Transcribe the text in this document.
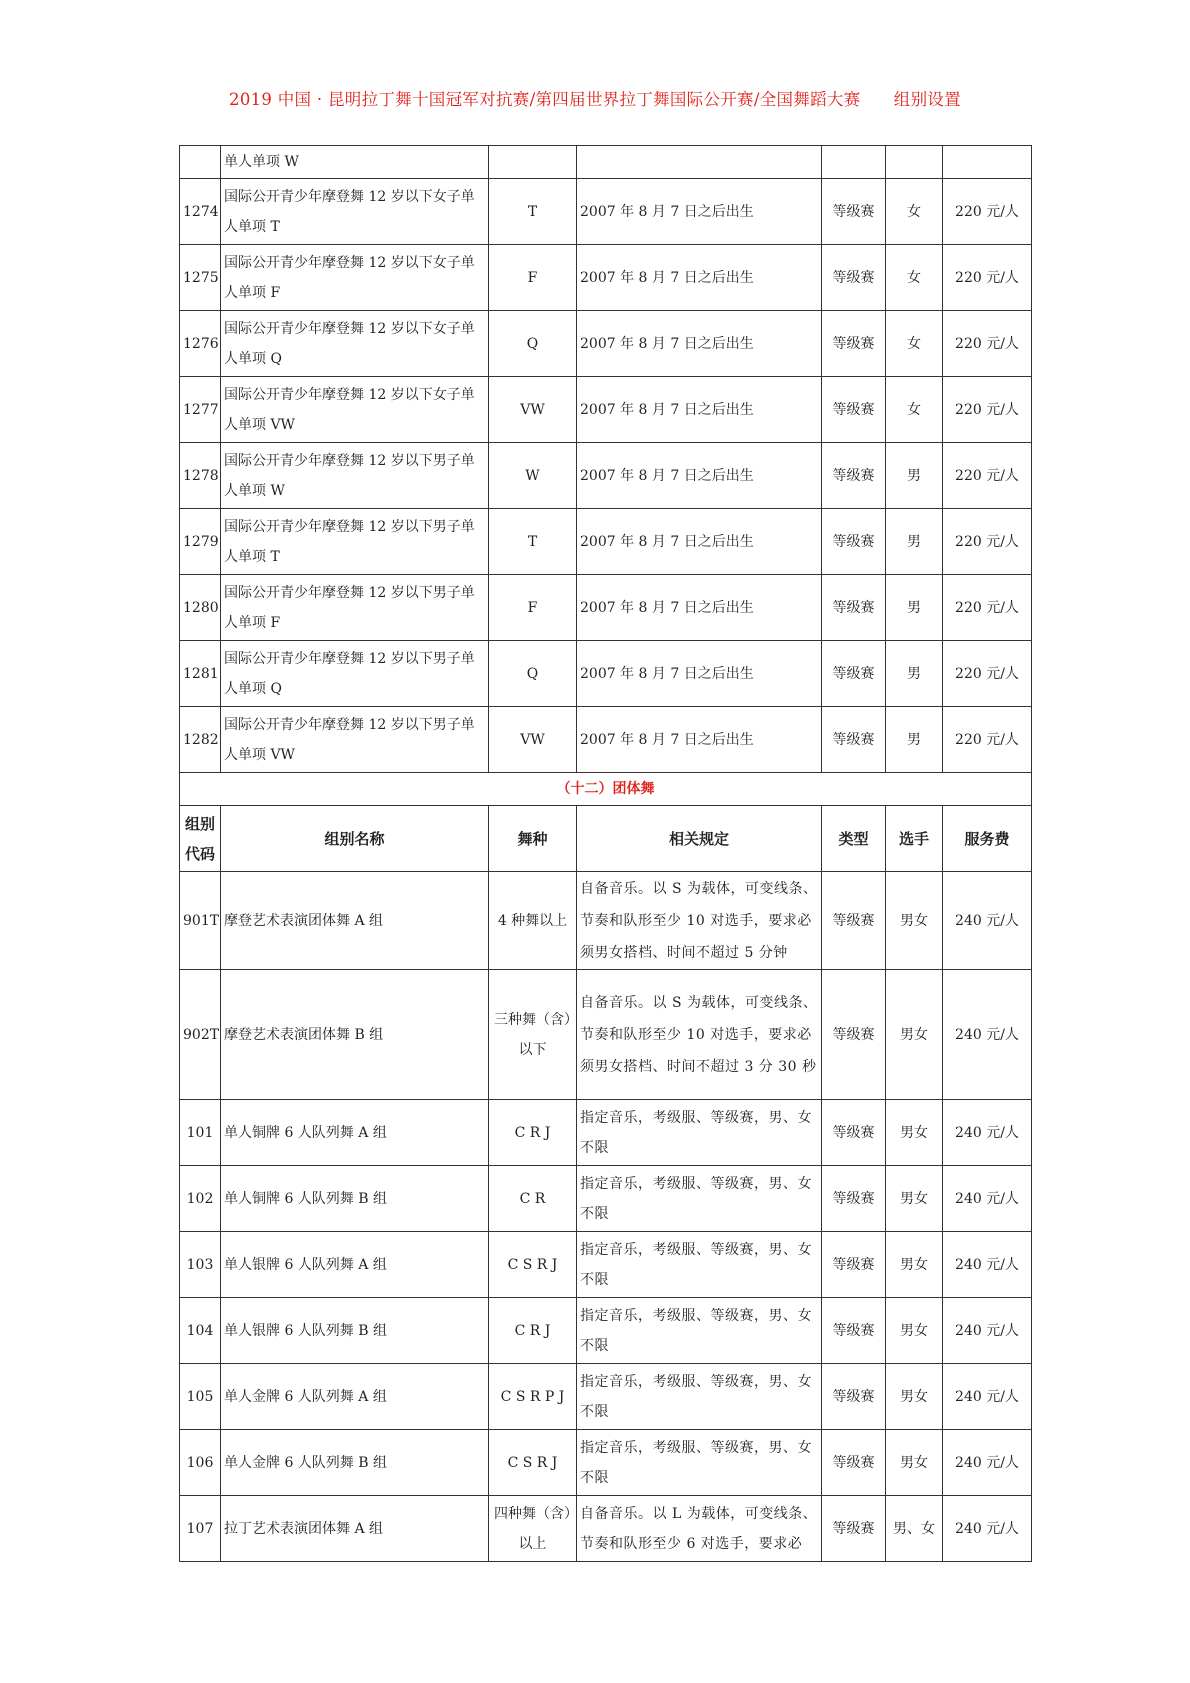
2019 中国 · 昆明拉丁舞十国冠军对抗赛/第四届世界拉丁舞国际公开赛/全国舞蹈大赛      组别设置
	单人单项 W					
1274	国际公开青少年摩登舞 12 岁以下女子单人单项 T	T	2007 年 8 月 7 日之后出生	等级赛	女	220 元/人
1275	国际公开青少年摩登舞 12 岁以下女子单人单项 F	F	2007 年 8 月 7 日之后出生	等级赛	女	220 元/人
1276	国际公开青少年摩登舞 12 岁以下女子单人单项 Q	Q	2007 年 8 月 7 日之后出生	等级赛	女	220 元/人
1277	国际公开青少年摩登舞 12 岁以下女子单人单项 VW	VW	2007 年 8 月 7 日之后出生	等级赛	女	220 元/人
1278	国际公开青少年摩登舞 12 岁以下男子单人单项 W	W	2007 年 8 月 7 日之后出生	等级赛	男	220 元/人
1279	国际公开青少年摩登舞 12 岁以下男子单人单项 T	T	2007 年 8 月 7 日之后出生	等级赛	男	220 元/人
1280	国际公开青少年摩登舞 12 岁以下男子单人单项 F	F	2007 年 8 月 7 日之后出生	等级赛	男	220 元/人
1281	国际公开青少年摩登舞 12 岁以下男子单人单项 Q	Q	2007 年 8 月 7 日之后出生	等级赛	男	220 元/人
1282	国际公开青少年摩登舞 12 岁以下男子单人单项 VW	VW	2007 年 8 月 7 日之后出生	等级赛	男	220 元/人
（十二）团体舞						
组别代码	组别名称	舞种	相关规定	类型	选手	服务费
901T	摩登艺术表演团体舞 A 组	4 种舞以上	自备音乐。以 S 为载体，可变线条、节奏和队形至少 10 对选手，要求必须男女搭档、时间不超过 5 分钟	等级赛	男女	240 元/人
902T	摩登艺术表演团体舞 B 组	三种舞（含）以下	自备音乐。以 S 为载体，可变线条、节奏和队形至少 10 对选手，要求必须男女搭档、时间不超过 3 分 30 秒	等级赛	男女	240 元/人
101	单人铜牌 6 人队列舞 A 组	C R J	指定音乐，考级服、等级赛，男、女不限	等级赛	男女	240 元/人
102	单人铜牌 6 人队列舞 B 组	C R	指定音乐，考级服、等级赛，男、女不限	等级赛	男女	240 元/人
103	单人银牌 6 人队列舞 A 组	C S R J	指定音乐，考级服、等级赛，男、女不限	等级赛	男女	240 元/人
104	单人银牌 6 人队列舞 B 组	C R J	指定音乐，考级服、等级赛，男、女不限	等级赛	男女	240 元/人
105	单人金牌 6 人队列舞 A 组	C S R P J	指定音乐，考级服、等级赛，男、女不限	等级赛	男女	240 元/人
106	单人金牌 6 人队列舞 B 组	C S R J	指定音乐，考级服、等级赛，男、女不限	等级赛	男女	240 元/人
107	拉丁艺术表演团体舞 A 组	四种舞（含）以上	自备音乐。以 L 为载体，可变线条、节奏和队形至少 6 对选手，要求必	等级赛	男、女	240 元/人
